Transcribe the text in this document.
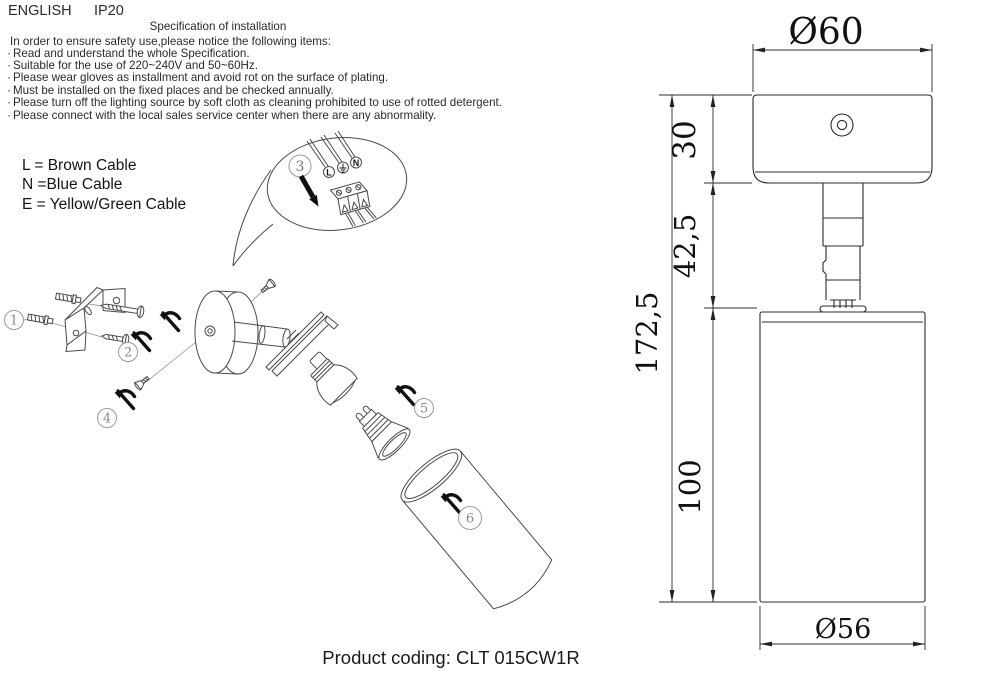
ENGLISH IP20
Specification of installation
In order to ensure safety use,please notice the following items:
· Read and understand the whole Specification.
· Suitable for the use of 220~240V and 50~60Hz.
· Please wear gloves as installment and avoid rot on the surface of plating.
· Must be installed on the fixed places and be checked annually.
· Please turn off the lighting source by soft cloth as cleaning prohibited to use of rotted detergent.
· Please connect with the local sales service center when there are any abnormality.
L = Brown Cable
N =Blue Cable
E = Yellow/Green Cable
Product coding: CLT 015CW1R
1
2
4
5
6
L
N
3
Ø60
30
42,5
172,5
100
Ø56
